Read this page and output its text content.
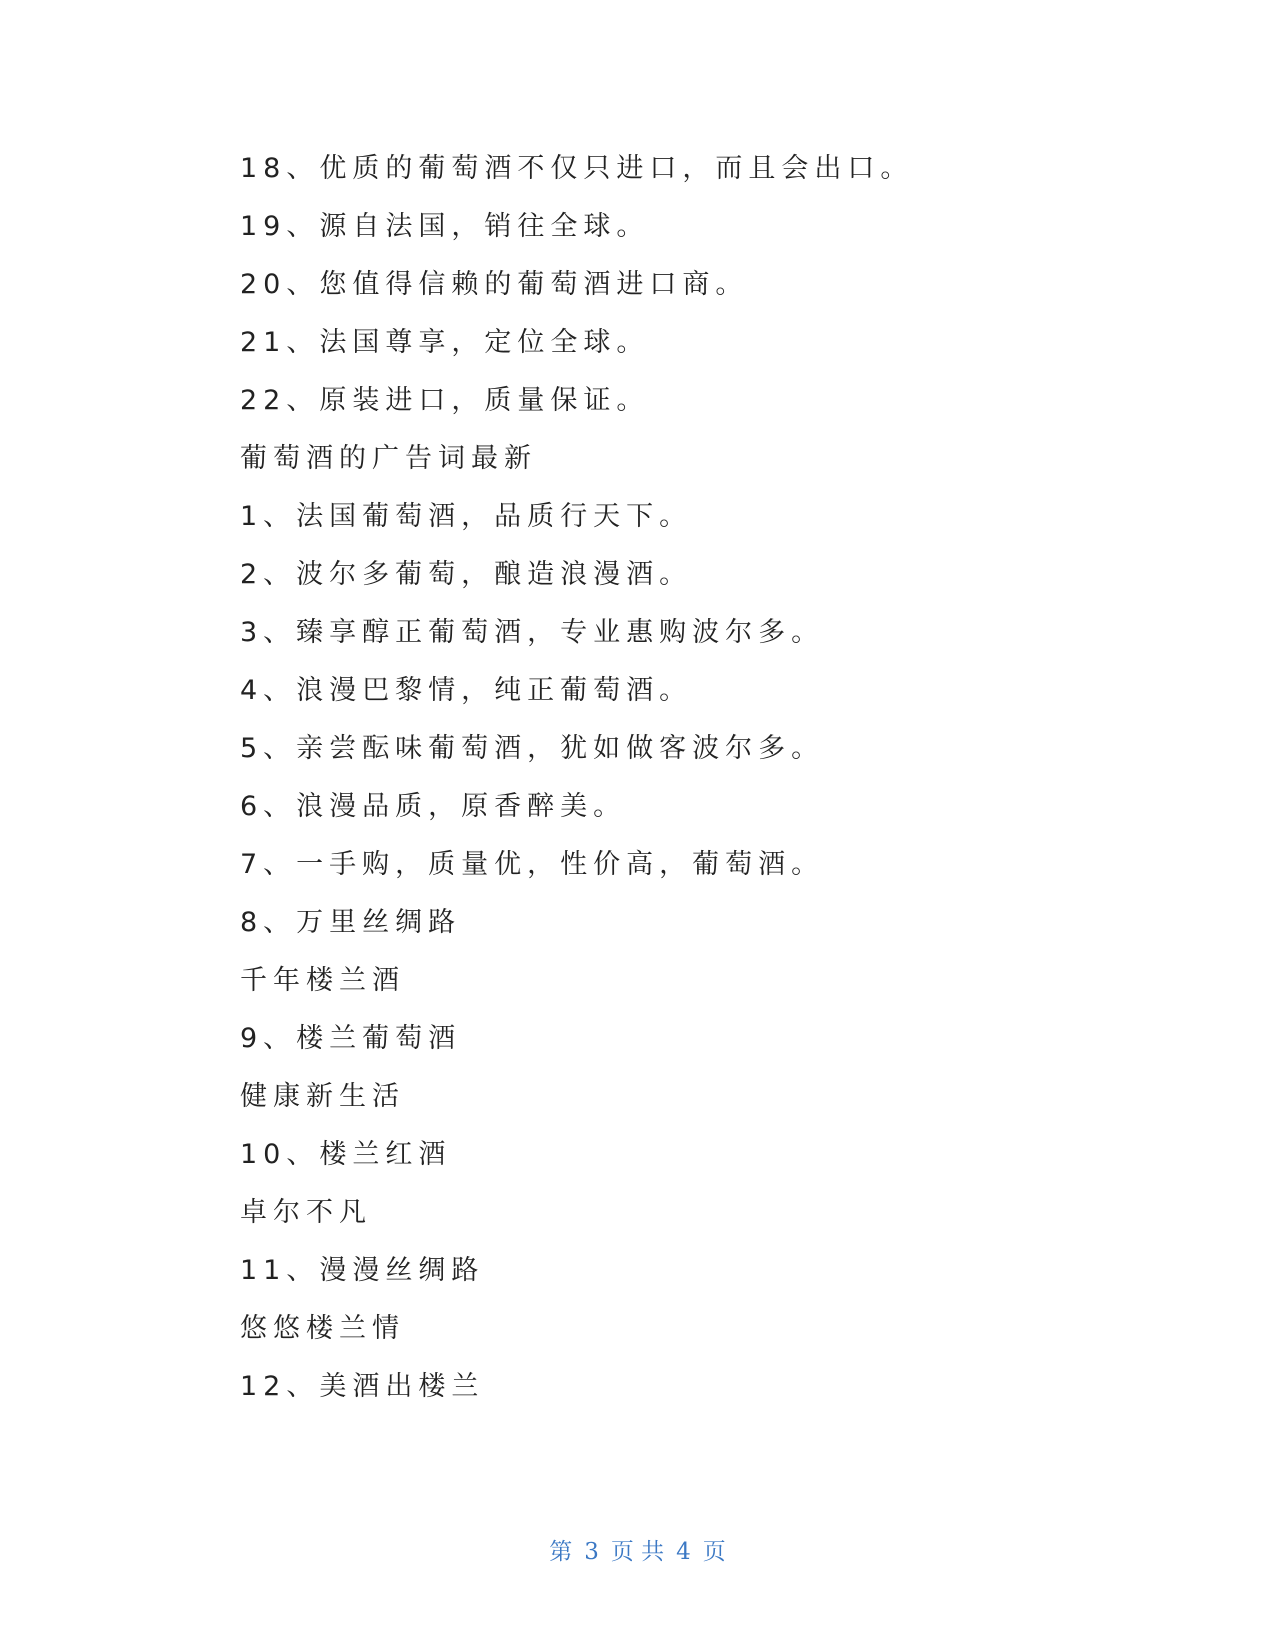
18、优质的葡萄酒不仅只进口，而且会出口。
19、源自法国，销往全球。
20、您值得信赖的葡萄酒进口商。
21、法国尊享，定位全球。
22、原装进口，质量保证。
葡萄酒的广告词最新
1、法国葡萄酒，品质行天下。
2、波尔多葡萄，酿造浪漫酒。
3、臻享醇正葡萄酒，专业惠购波尔多。
4、浪漫巴黎情，纯正葡萄酒。
5、亲尝酝味葡萄酒，犹如做客波尔多。
6、浪漫品质，原香醉美。
7、一手购，质量优，性价高，葡萄酒。
8、万里丝绸路
千年楼兰酒
9、楼兰葡萄酒
健康新生活
10、楼兰红酒
卓尔不凡
11、漫漫丝绸路
悠悠楼兰情
12、美酒出楼兰
第 3 页 共 4 页
